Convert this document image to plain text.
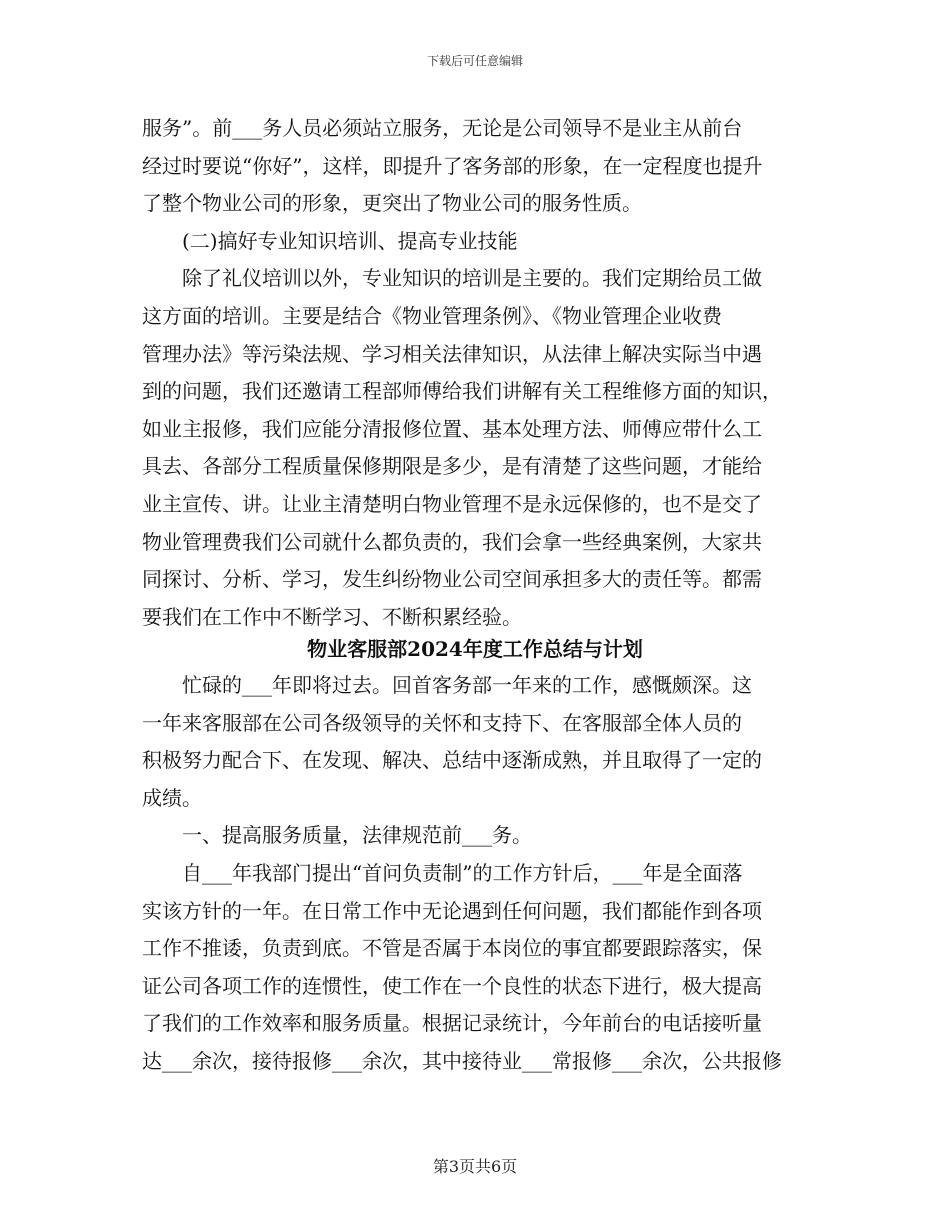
下载后可任意编辑
服务”。前___务人员必须站立服务，无论是公司领导不是业主从前台
经过时要说“你好”，这样，即提升了客务部的形象，在一定程度也提升
了整个物业公司的形象，更突出了物业公司的服务性质。
　　(二)搞好专业知识培训、提高专业技能
　　除了礼仪培训以外，专业知识的培训是主要的。我们定期给员工做
这方面的培训。主要是结合《物业管理条例》、《物业管理企业收费
管理办法》等污染法规、学习相关法律知识，从法律上解决实际当中遇
到的问题，我们还邀请工程部师傅给我们讲解有关工程维修方面的知识，
如业主报修，我们应能分清报修位置、基本处理方法、师傅应带什么工
具去、各部分工程质量保修期限是多少，是有清楚了这些问题，才能给
业主宣传、讲。让业主清楚明白物业管理不是永远保修的，也不是交了
物业管理费我们公司就什么都负责的，我们会拿一些经典案例，大家共
同探讨、分析、学习，发生纠纷物业公司空间承担多大的责任等。都需
要我们在工作中不断学习、不断积累经验。
物业客服部2024年度工作总结与计划
　　忙碌的___年即将过去。回首客务部一年来的工作，感慨颇深。这
一年来客服部在公司各级领导的关怀和支持下、在客服部全体人员的
积极努力配合下、在发现、解决、总结中逐渐成熟，并且取得了一定的
成绩。
　　一、提高服务质量，法律规范前___务。
　　自___年我部门提出“首问负责制”的工作方针后，___年是全面落
实该方针的一年。在日常工作中无论遇到任何问题，我们都能作到各项
工作不推诿，负责到底。不管是否属于本岗位的事宜都要跟踪落实，保
证公司各项工作的连惯性，使工作在一个良性的状态下进行，极大提高
了我们的工作效率和服务质量。根据记录统计，今年前台的电话接听量
达___余次，接待报修___余次，其中接待业___常报修___余次，公共报修
第3页共6页
